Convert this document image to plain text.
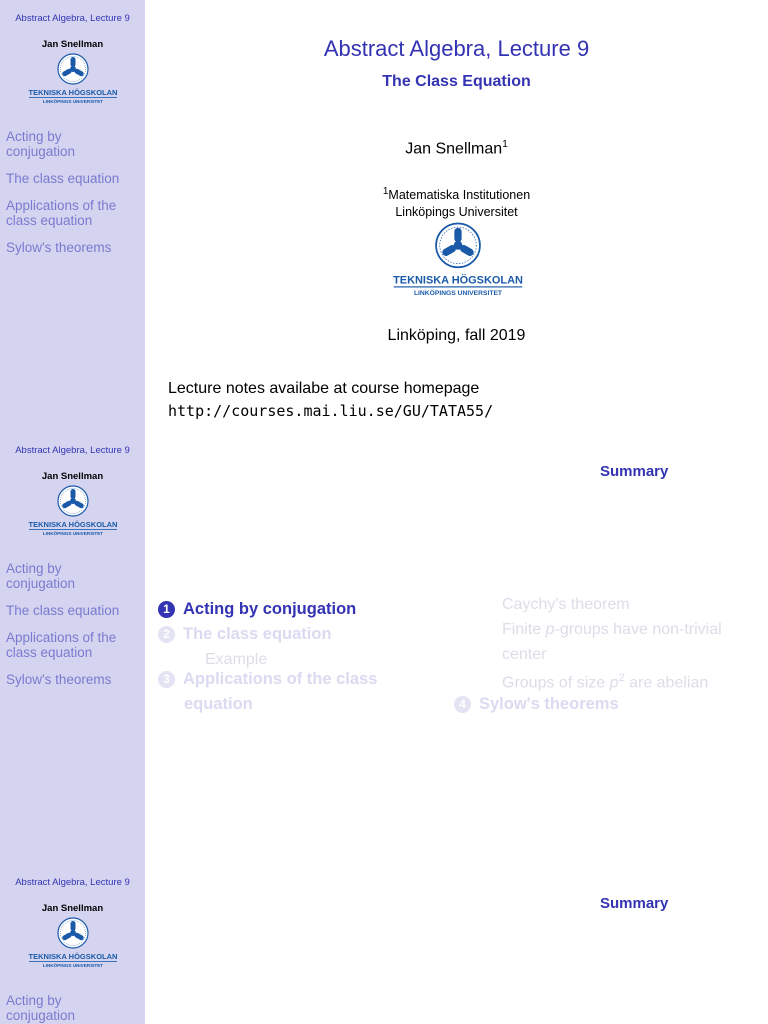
Abstract Algebra, Lecture 9
Jan Snellman
TEKNISKA HÖGSKOLAN
LINKÖPINGS UNIVERSITET
Acting by
conjugation
The class equation
Applications of the
class equation
Sylow's theorems
Abstract Algebra, Lecture 9
The Class Equation
Jan Snellman$^1$
$^1$Matematiska Institutionen
Linköpings Universitet
TEKNISKA HÖGSKOLAN
LINKÖPINGS UNIVERSITET
Linköping, fall 2019
Lecture notes availabe at course homepage
http://courses.mai.liu.se/GU/TATA55/
Abstract Algebra, Lecture 9
Jan Snellman
TEKNISKA HÖGSKOLAN
LINKÖPINGS UNIVERSITET
Acting by
conjugation
The class equation
Applications of the
class equation
Sylow's theorems
Summary
1 Acting by conjugation
2 The class equation
Example
3 Applications of the class
equation
Caychy's theorem
Finite p-groups have non-trivial
center
Groups of size $p^2$ are abelian
4 Sylow's theorems
Abstract Algebra, Lecture 9
Jan Snellman
TEKNISKA HÖGSKOLAN
LINKÖPINGS UNIVERSITET
Acting by
conjugation
Summary
